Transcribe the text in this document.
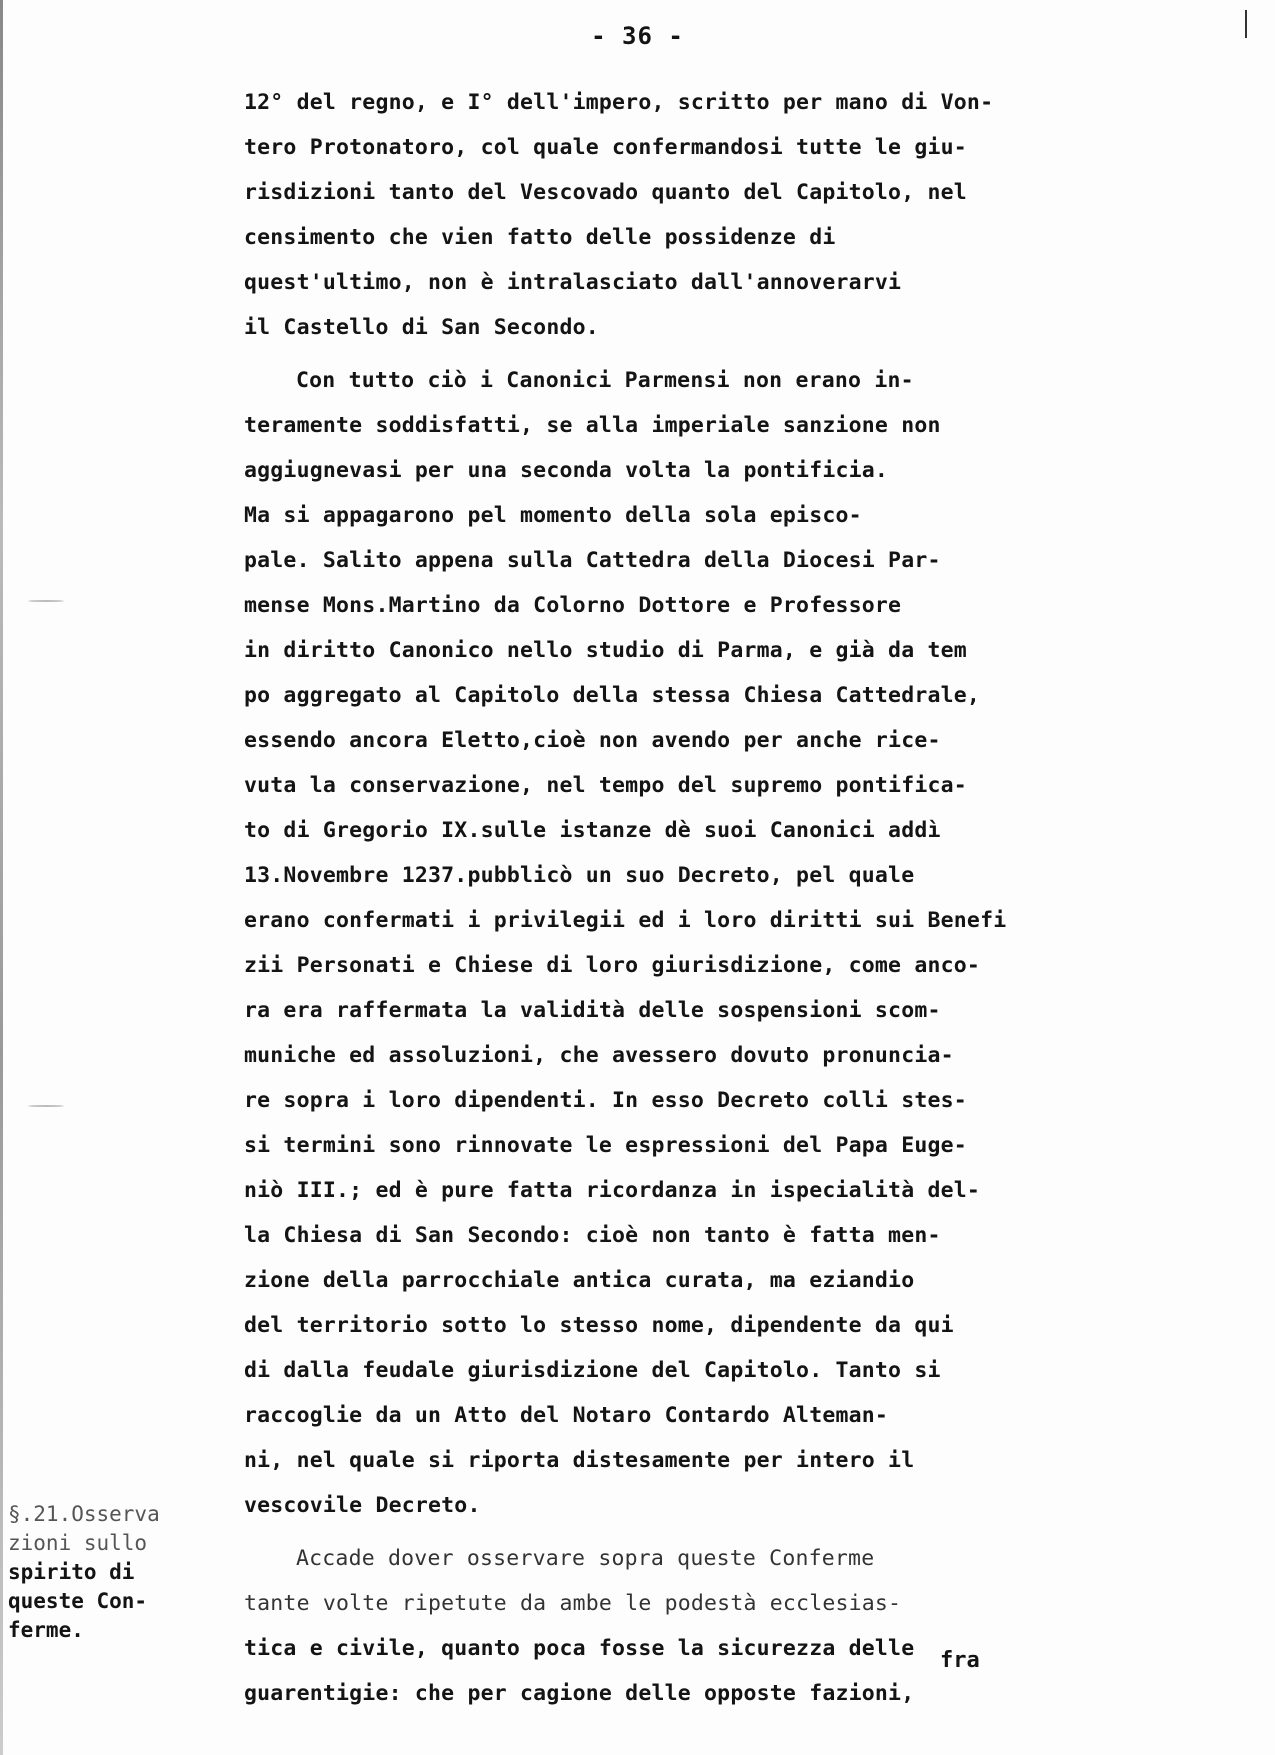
- 36 -
12° del regno, e I° dell'impero, scritto per mano di Von-
tero Protonatoro, col quale confermandosi tutte le giu-
risdizioni tanto del Vescovado quanto del Capitolo, nel
censimento che vien fatto delle possidenze di
quest'ultimo, non è intralasciato dall'annoverarvi
il Castello di San Secondo.
Con tutto ciò i Canonici Parmensi non erano in-
teramente soddisfatti, se alla imperiale sanzione non
aggiugnevasi per una seconda volta la pontificia.
Ma si appagarono pel momento della sola episco-
pale. Salito appena sulla Cattedra della Diocesi Par-
mense Mons.Martino da Colorno Dottore e Professore
in diritto Canonico nello studio di Parma, e già da tem
po aggregato al Capitolo della stessa Chiesa Cattedrale,
essendo ancora Eletto,cioè non avendo per anche rice-
vuta la conservazione, nel tempo del supremo pontifica-
to di Gregorio IX.sulle istanze dè suoi Canonici addì
13.Novembre 1237.pubblicò un suo Decreto, pel quale
erano confermati i privilegii ed i loro diritti sui Benefi
zii Personati e Chiese di loro giurisdizione, come anco-
ra era raffermata la validità delle sospensioni scom-
muniche ed assoluzioni, che avessero dovuto pronuncia-
re sopra i loro dipendenti. In esso Decreto colli stes-
si termini sono rinnovate le espressioni del Papa Euge-
niò III.; ed è pure fatta ricordanza in ispecialità del-
la Chiesa di San Secondo: cioè non tanto è fatta men-
zione della parrocchiale antica curata, ma eziandio
del territorio sotto lo stesso nome, dipendente da qui
di dalla feudale giurisdizione del Capitolo. Tanto si
raccoglie da un Atto del Notaro Contardo Alteman-
ni, nel quale si riporta distesamente per intero il
vescovile Decreto.
Accade dover osservare sopra queste Conferme
tante volte ripetute da ambe le podestà ecclesias-
tica e civile, quanto poca fosse la sicurezza delle
guarentigie: che per cagione delle opposte fazioni,
§.21.Osserva
zioni sullo
spirito di
queste Con-
ferme.
fra
